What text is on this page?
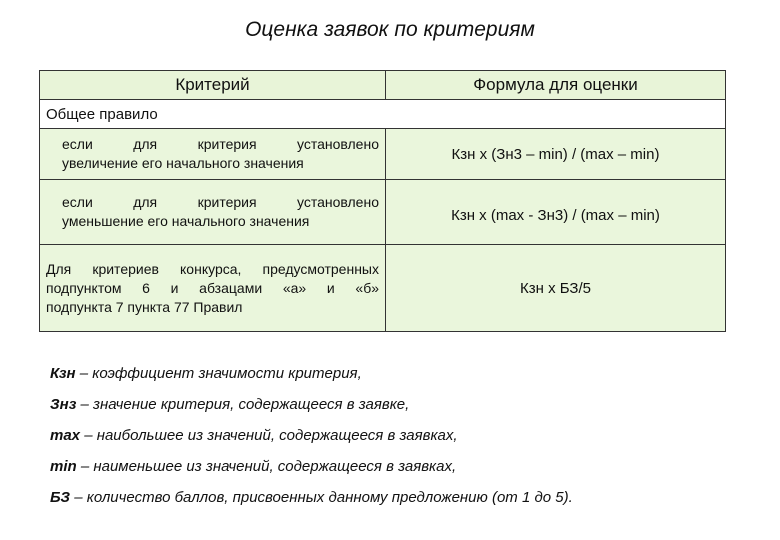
Оценка заявок по критериям
Критерий	Формула для оценки
Общее правило	

если для критерия установлено
увеличение его начального значения	Кзн х (Зн3 – min) / (max – min)

если для критерия установлено
уменьшение его начального значения	Кзн х (max - Зн3) / (max – min)

Для критериев конкурса, предусмотренных
подпунктом 6 и абзацами «а» и «б»
подпункта 7 пункта 77 Правил	Кзн х БЗ/5
Кзн – коэффициент значимости критерия,
Знз – значение критерия, содержащееся в заявке,
max – наибольшее из значений, содержащееся в заявках,
min – наименьшее из значений, содержащееся в заявках,
БЗ – количество баллов, присвоенных данному предложению (от 1 до 5).
